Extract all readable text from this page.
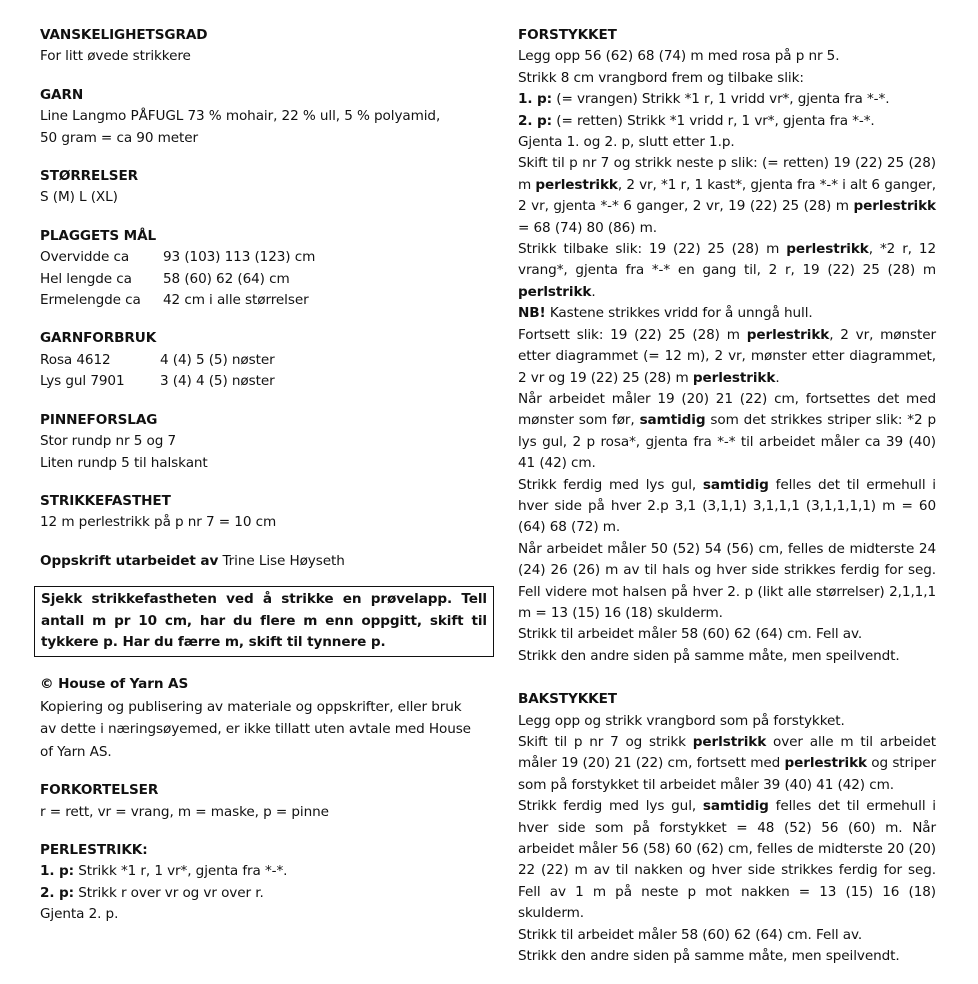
VANSKELIGHETSGRAD

For litt øvede strikkere

GARN

Line Langmo PÅFUGL 73 % mohair, 22 % ull, 5 % polyamid,

50 gram = ca 90 meter

STØRRELSER

S (M) L (XL)

PLAGGETS MÅL

Overvidde ca	93 (103) 113 (123) cm
Hel lengde ca	58 (60) 62 (64) cm
Ermelengde ca	42 cm i alle størrelser

GARNFORBRUK

Rosa 4612	4 (4) 5 (5) nøster
Lys gul 7901	3 (4) 4 (5) nøster

PINNEFORSLAG

Stor rundp nr 5 og 7

Liten rundp 5 til halskant

STRIKKEFASTHET

12 m perlestrikk på p nr 7 = 10 cm

Oppskrift utarbeidet av Trine Lise Høyseth

Sjekk strikkefastheten ved å strikke en prøvelapp. Tell antall m pr 10 cm, har du flere m enn oppgitt, skift til tykkere p. Har du færre m, skift til tynnere p.

© House of Yarn AS

Kopiering og publisering av materiale og oppskrifter, eller bruk av dette i næringsøyemed, er ikke tillatt uten avtale med House of Yarn AS.

FORKORTELSER

r = rett, vr = vrang, m = maske, p = pinne

PERLESTRIKK:

1. p: Strikk *1 r, 1 vr*, gjenta fra *-*.

2. p: Strikk r over vr og vr over r.

Gjenta 2. p.

FORSTYKKET

Legg opp 56 (62) 68 (74) m med rosa på p nr 5.

Strikk 8 cm vrangbord frem og tilbake slik:

1. p: (= vrangen) Strikk *1 r, 1 vridd vr*, gjenta fra *-*.

2. p: (= retten) Strikk *1 vridd r, 1 vr*, gjenta fra *-*.

Gjenta 1. og 2. p, slutt etter 1.p.

Skift til p nr 7 og strikk neste p slik: (= retten) 19 (22) 25 (28) m perlestrikk, 2 vr, *1 r, 1 kast*, gjenta fra *-* i alt 6 ganger, 2 vr, gjenta *-* 6 ganger, 2 vr, 19 (22) 25 (28) m perlestrikk = 68 (74) 80 (86) m.

Strikk tilbake slik: 19 (22) 25 (28) m perlestrikk, *2 r, 12 vrang*, gjenta fra *-* en gang til, 2 r, 19 (22) 25 (28) m perlstrikk.

NB! Kastene strikkes vridd for å unngå hull.

Fortsett slik: 19 (22) 25 (28) m perlestrikk, 2 vr, mønster etter diagrammet (= 12 m), 2 vr, mønster etter diagrammet, 2 vr og 19 (22) 25 (28) m perlestrikk.

Når arbeidet måler 19 (20) 21 (22) cm, fortsettes det med mønster som før, samtidig som det strikkes striper slik: *2 p lys gul, 2 p rosa*, gjenta fra *-* til arbeidet måler ca 39 (40) 41 (42) cm.

Strikk ferdig med lys gul, samtidig felles det til ermehull i hver side på hver 2.p 3,1 (3,1,1) 3,1,1,1 (3,1,1,1,1) m = 60 (64) 68 (72) m.

Når arbeidet måler 50 (52) 54 (56) cm, felles de midterste 24 (24) 26 (26) m av til hals og hver side strikkes ferdig for seg. Fell videre mot halsen på hver 2. p (likt alle størrelser) 2,1,1,1 m = 13 (15) 16 (18) skulderm.

Strikk til arbeidet måler 58 (60) 62 (64) cm. Fell av.

Strikk den andre siden på samme måte, men speilvendt.

BAKSTYKKET

Legg opp og strikk vrangbord som på forstykket.

Skift til p nr 7 og strikk perlstrikk over alle m til arbeidet måler 19 (20) 21 (22) cm, fortsett med perlestrikk og striper som på forstykket til arbeidet måler 39 (40) 41 (42) cm.

Strikk ferdig med lys gul, samtidig felles det til ermehull i hver side som på forstykket = 48 (52) 56 (60) m. Når arbeidet måler 56 (58) 60 (62) cm, felles de midterste 20 (20) 22 (22) m av til nakken og hver side strikkes ferdig for seg. Fell av 1 m på neste p mot nakken = 13 (15) 16 (18) skulderm.

Strikk til arbeidet måler 58 (60) 62 (64) cm. Fell av.

Strikk den andre siden på samme måte, men speilvendt.
